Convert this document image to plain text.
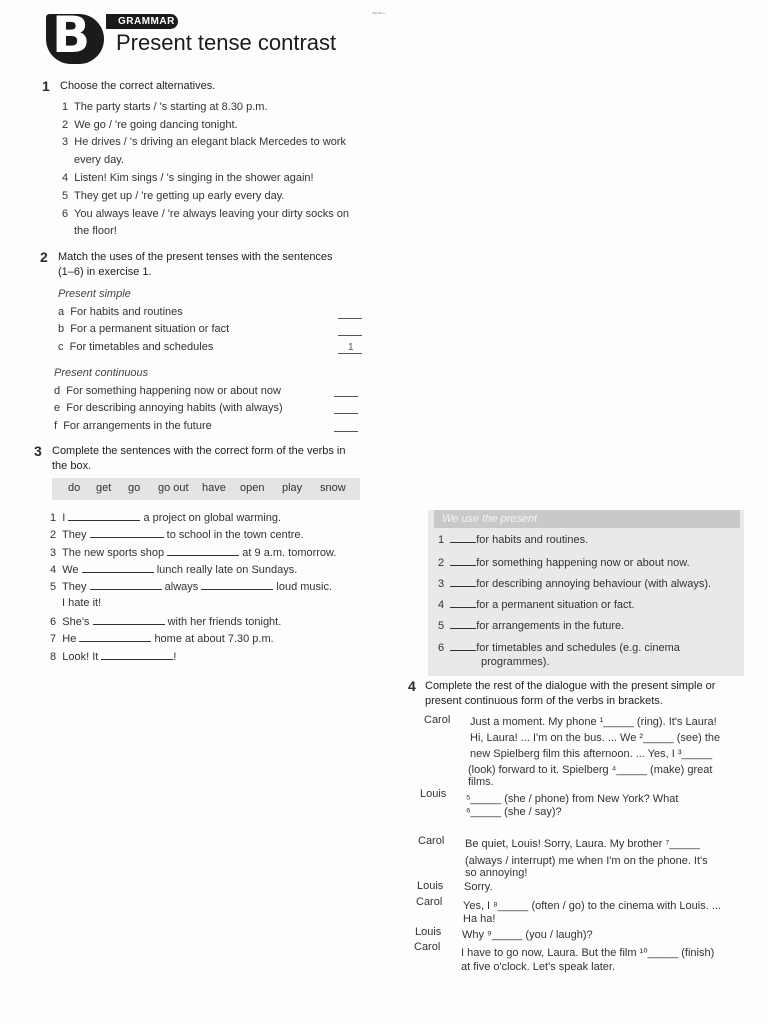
B	GRAMMAR
Present tense contrast
~~·
1 Choose the correct alternatives.
1 The party starts / 's starting at 8.30 p.m.
2 We go / 're going dancing tonight.
3 He drives / 's driving an elegant black Mercedes to work
every day.
4 Listen! Kim sings / 's singing in the shower again!
5 They get up / 're getting up early every day.
6 You always leave / 're always leaving your dirty socks on
the floor!
2 Match the uses of the present tenses with the sentences
(1–6) in exercise 1.
Present simple
a For habits and routines
b For a permanent situation or fact
c For timetables and schedules	1
Present continuous
d For something happening now or about now
e For describing annoying habits (with always)
f For arrangements in the future
3 Complete the sentences with the correct form of the verbs in
the box.
do get go go out have open play snow
1 I	a project on global warming.
2 They	to school in the town centre.
3 The new sports shop	at 9 a.m. tomorrow.
4 We	lunch really late on Sundays.
5 They	always	loud music.
I hate it!
6 She's	with her friends tonight.
7 He	home at about 7.30 p.m.
8 Look! It	!
We use the present
1	for habits and routines.
2	for something happening now or about now.
3	for describing annoying behaviour (with always).
4	for a permanent situation or fact.
5	for arrangements in the future.
6	for timetables and schedules (e.g. cinema
programmes).
4 Complete the rest of the dialogue with the present simple or
present continuous form of the verbs in brackets.
Carol Just a moment. My phone ¹_____ (ring). It's Laura!
Hi, Laura! ... I'm on the bus. ... We ²_____ (see) the
new Spielberg film this afternoon. ... Yes, I ³_____
(look) forward to it. Spielberg ⁴_____ (make) great
films.
Louis ⁵_____ (she / phone) from New York? What
⁶_____ (she / say)?
Carol Be quiet, Louis! Sorry, Laura. My brother ⁷_____
(always / interrupt) me when I'm on the phone. It's
so annoying!
Louis Sorry.
Carol Yes, I ⁸_____ (often / go) to the cinema with Louis. ...
Ha ha!
Louis Why ⁹_____ (you / laugh)?
Carol I have to go now, Laura. But the film ¹⁰_____ (finish)
at five o'clock. Let's speak later.
